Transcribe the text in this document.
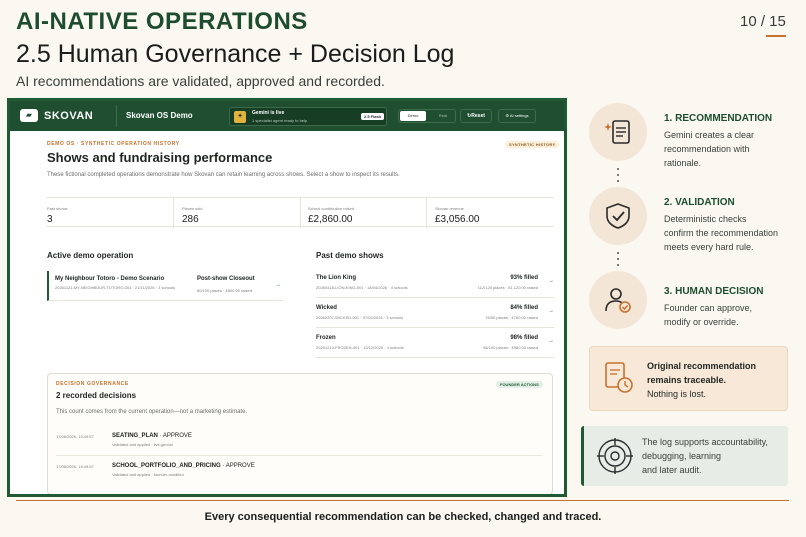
AI-NATIVE OPERATIONS
2.5 Human Governance + Decision Log
AI recommendations are validated, approved and recorded.
10 / 15
▰	SKOVAN	Skovan OS Demo	✦	Gemini is live
1 specialist agent ready to help
2.5 Flash	Demo	Real	↻Reset	⚙ AI settings
DEMO OS · SYNTHETIC OPERATION HISTORY	SYNTHETIC HISTORY
Shows and fundraising performance
These fictional completed operations demonstrate how Skovan can retain learning across shows. Select a show to inspect its results.
Past shows
3
Places sold
286
School contribution raised
£2,860.00
Skovan revenue
£3,056.00
Active demo operation
My Neighbour Totoro - Demo Scenario
20261121-MY-NEIGHBOUR-TOTORO-003 · 21/11/2026 · 3 schools
Post-show Closeout
80/100 places · £800.00 raised
→
Past demo shows
The Lion King
20260418-LION-KING-001 · 18/04/2026 · 4 schools
93% filled
112/120 places · £1,120.00 raised
→
Wicked
20260207-WICKED-001 · 07/02/2026 · 3 schools
84% filled
76/90 places · £760.00 raised
→
Frozen
20251213-FROZEN-001 · 13/12/2025 · 4 schools
98% filled
98/100 places · £980.00 raised
→
DECISION GOVERNANCE	FOUNDER ACTIONS
2 recorded decisions
This count comes from the current operation—not a marketing estimate.
17/08/2026, 19:49:57	SEATING_PLAN · APPROVE
Validated and applied · live-gemini
17/08/2026, 19:49:57	SCHOOL_PORTFOLIO_AND_PRICING · APPROVE
Validated and applied · founder-modified
1. RECOMMENDATION
Gemini creates a clear
recommendation with
rationale.
2. VALIDATION
Deterministic checks
confirm the recommendation
meets every hard rule.
3. HUMAN DECISION
Founder can approve,
modify or override.
Original recommendation
remains traceable.
Nothing is lost.
The log supports accountability,
debugging, learning
and later audit.
Every consequential recommendation can be checked, changed and traced.
